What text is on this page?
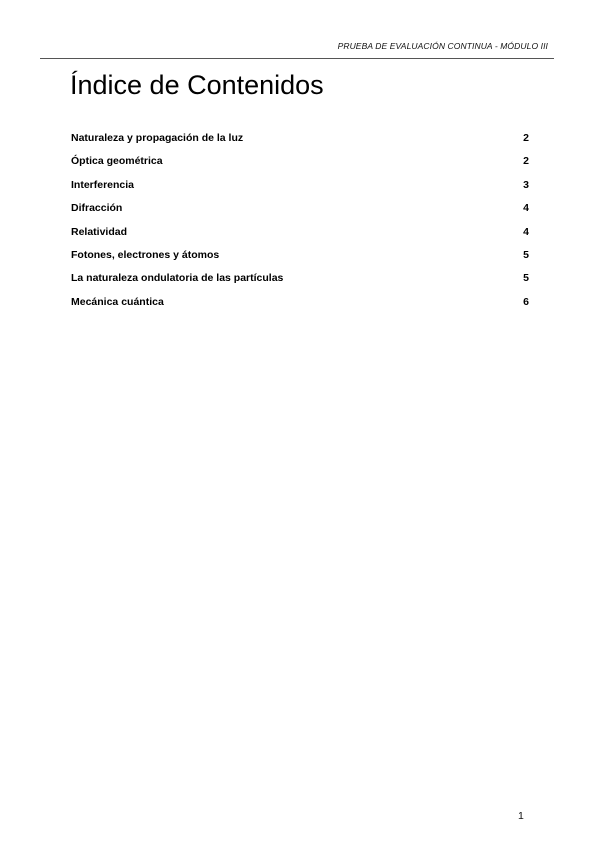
PRUEBA DE EVALUACIÓN CONTINUA - MÓDULO III
Índice de Contenidos
Naturaleza y propagación de la luz	2
Óptica geométrica	2
Interferencia	3
Difracción	4
Relatividad	4
Fotones, electrones y átomos	5
La naturaleza ondulatoria de las partículas	5
Mecánica cuántica	6
1
